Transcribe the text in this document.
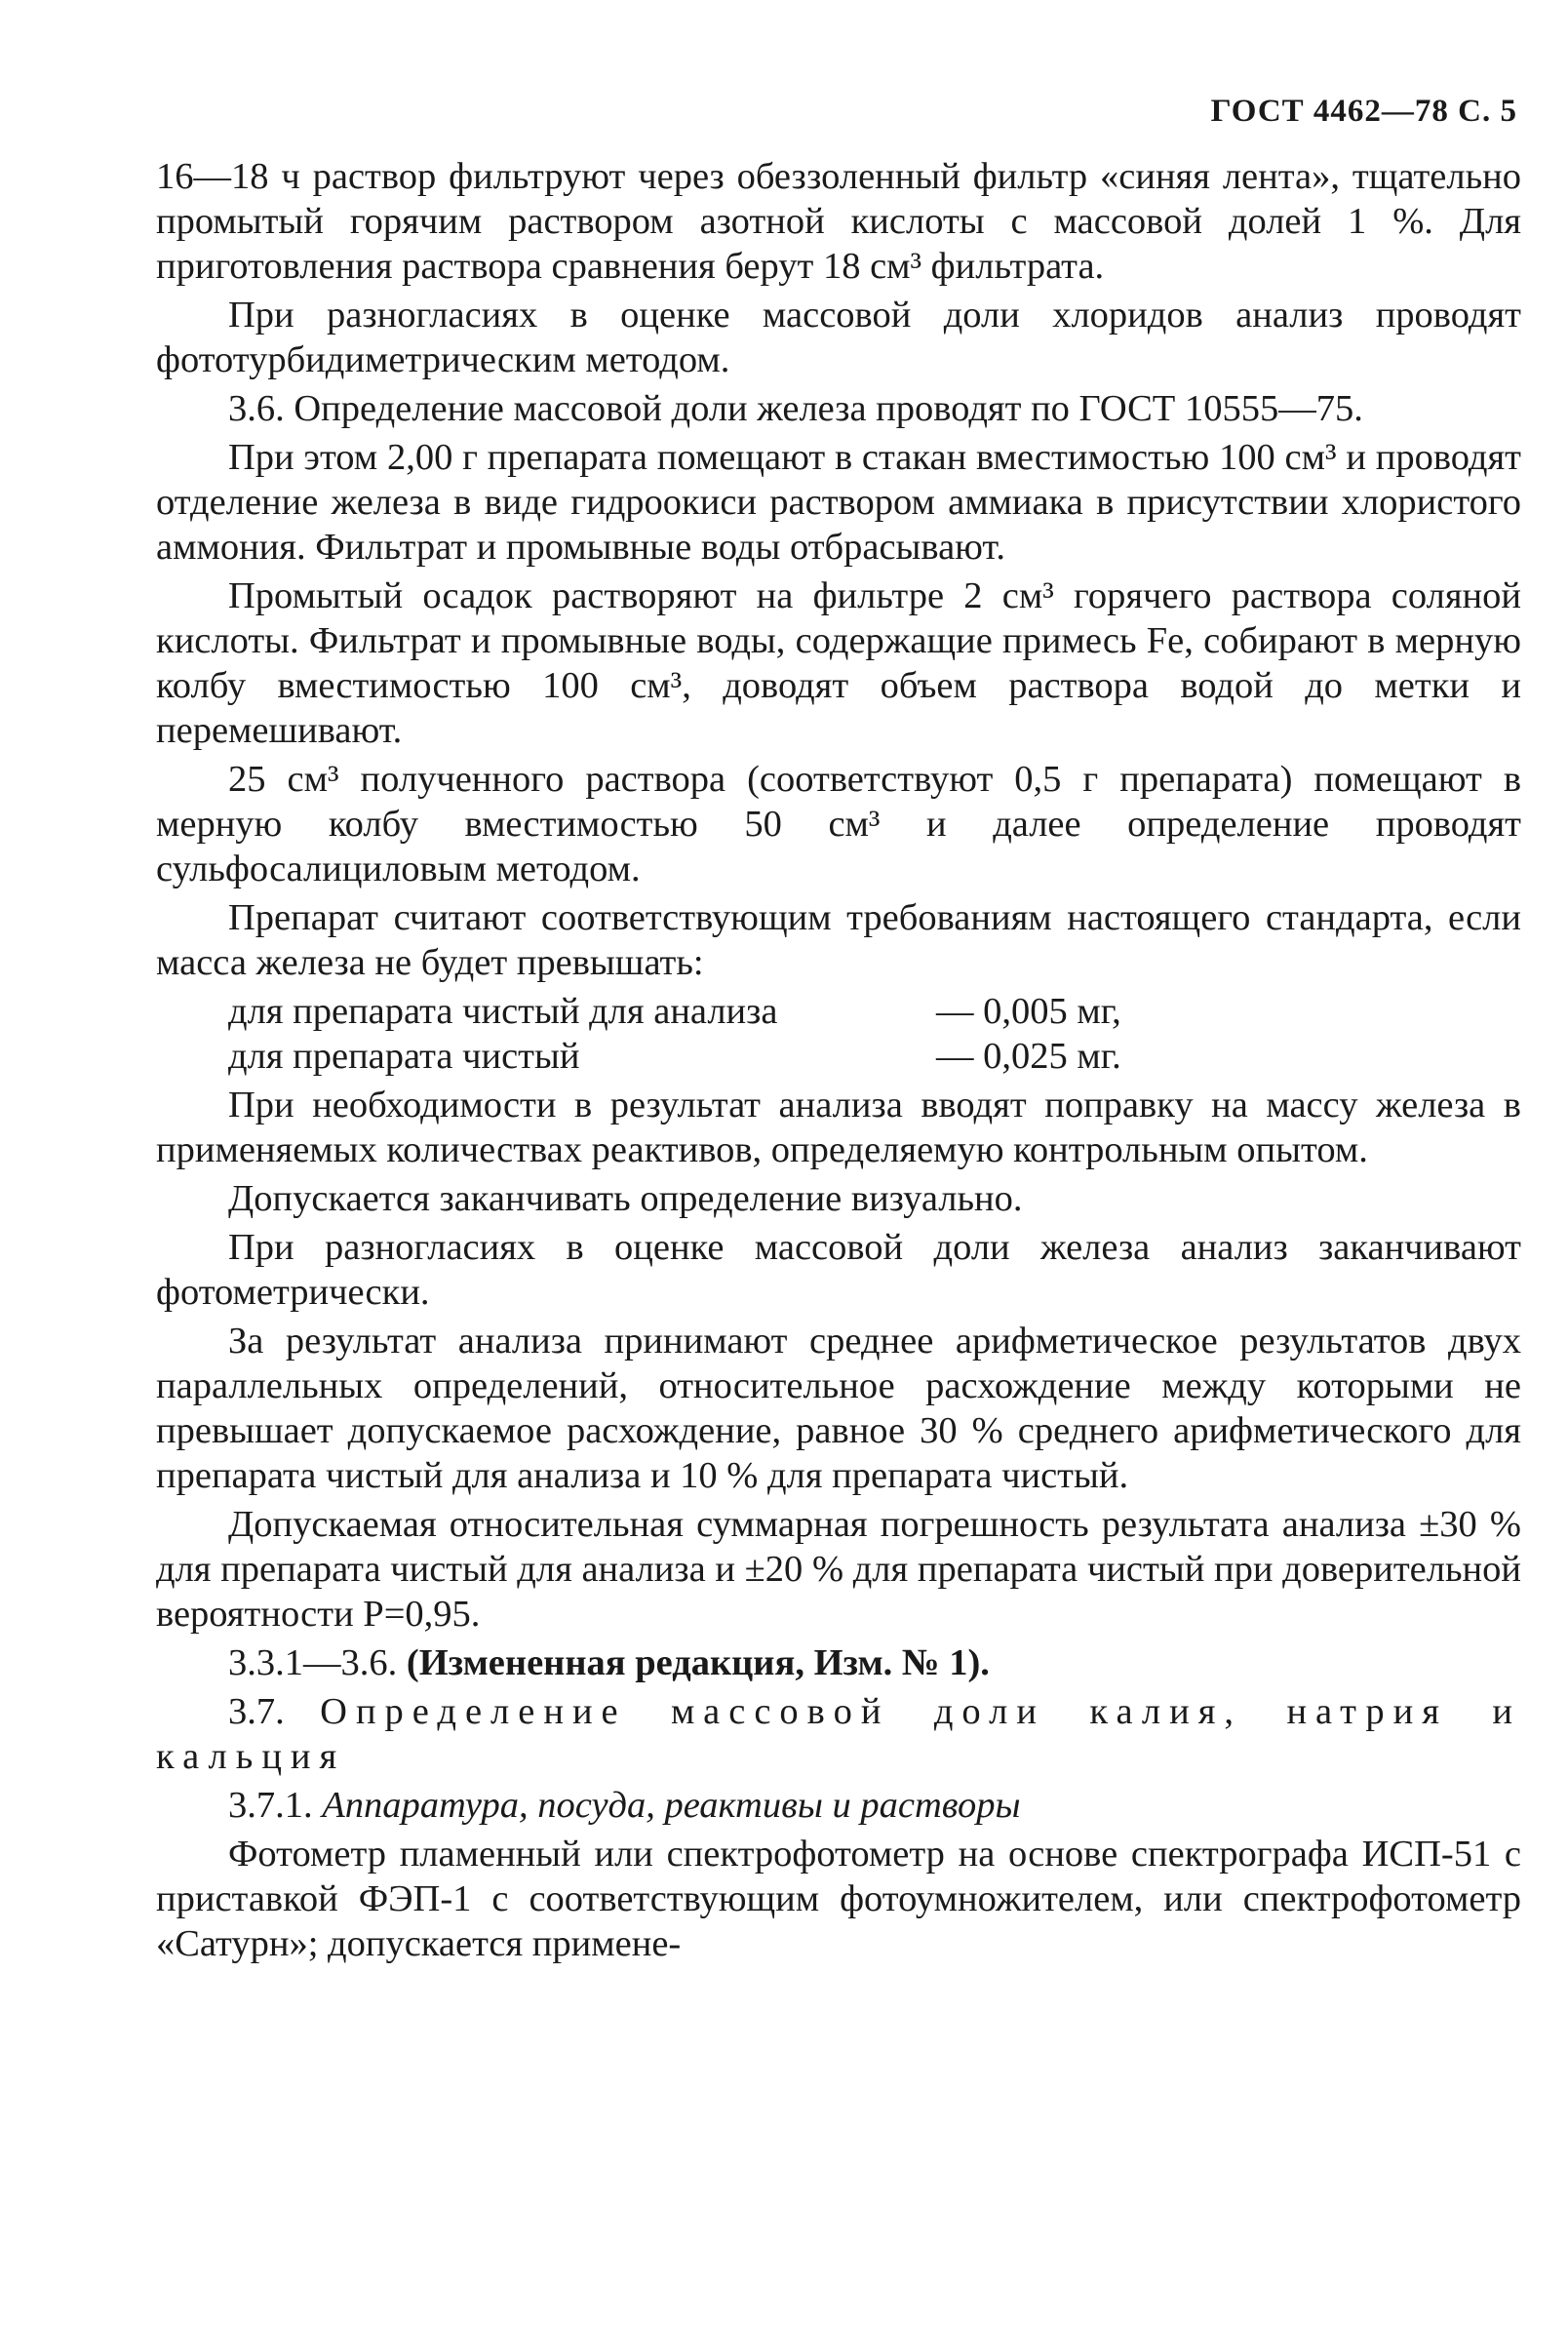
ГОСТ 4462—78 С. 5

16—18 ч раствор фильтруют через обеззоленный фильтр «синяя лента», тщательно промытый горячим раствором азотной кислоты с массовой долей 1 %. Для приготовления раствора сравнения берут 18 см³ фильтрата.

При разногласиях в оценке массовой доли хлоридов анализ проводят фототурбидиметрическим методом.

3.6. Определение массовой доли железа проводят по ГОСТ 10555—75.

При этом 2,00 г препарата помещают в стакан вместимостью 100 см³ и проводят отделение железа в виде гидроокиси раствором аммиака в присутствии хлористого аммония. Фильтрат и промывные воды отбрасывают.

Промытый осадок растворяют на фильтре 2 см³ горячего раствора соляной кислоты. Фильтрат и промывные воды, содержащие примесь Fe, собирают в мерную колбу вместимостью 100 см³, доводят объем раствора водой до метки и перемешивают.

25 см³ полученного раствора (соответствуют 0,5 г препарата) помещают в мерную колбу вместимостью 50 см³ и далее определение проводят сульфосалициловым методом.

Препарат считают соответствующим требованиям настоящего стандарта, если масса железа не будет превышать:

для препарата чистый для анализа	— 0,005 мг,

для препарата чистый	— 0,025 мг.

При необходимости в результат анализа вводят поправку на массу железа в применяемых количествах реактивов, определяемую контрольным опытом.

Допускается заканчивать определение визуально.

При разногласиях в оценке массовой доли железа анализ заканчивают фотометрически.

За результат анализа принимают среднее арифметическое результатов двух параллельных определений, относительное расхождение между которыми не превышает допускаемое расхождение, равное 30 % среднего арифметического для препарата чистый для анализа и 10 % для препарата чистый.

Допускаемая относительная суммарная погрешность результата анализа ±30 % для препарата чистый для анализа и ±20 % для препарата чистый при доверительной вероятности P=0,95.

3.3.1—3.6. (Измененная редакция, Изм. № 1).

3.7. Определение массовой доли калия, натрия и кальция

3.7.1. Аппаратура, посуда, реактивы и растворы

Фотометр пламенный или спектрофотометр на основе спектрографа ИСП-51 с приставкой ФЭП-1 с соответствующим фотоумножителем, или спектрофотометр «Сатурн»; допускается примене-
